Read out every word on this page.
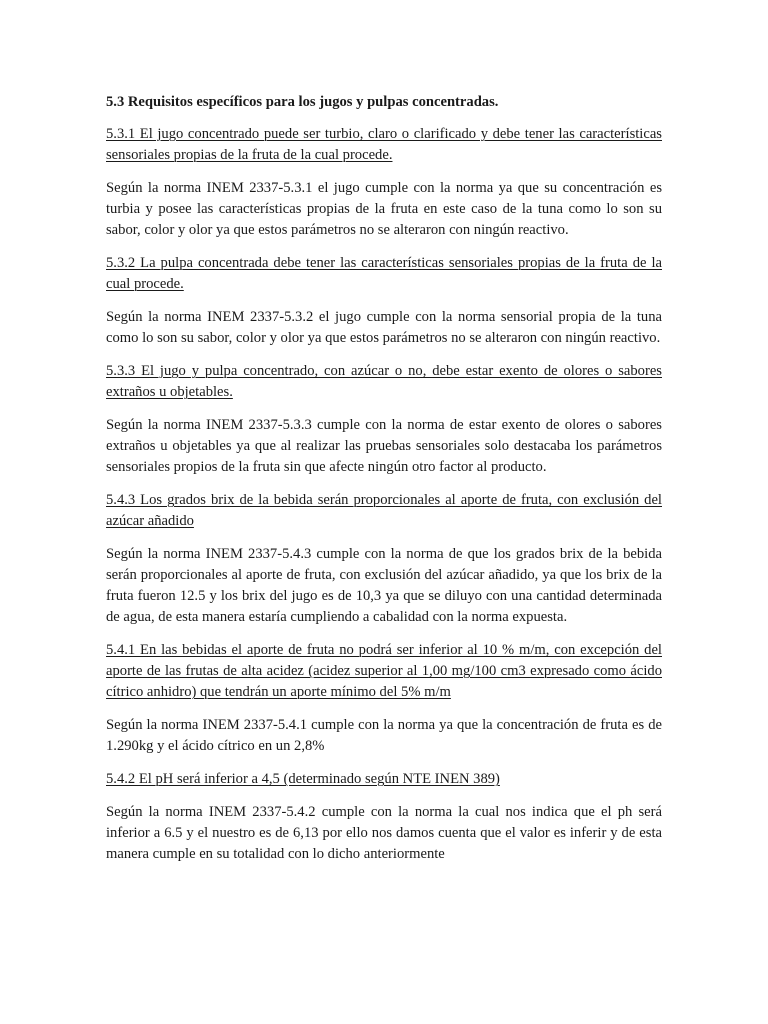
5.3 Requisitos específicos para los jugos y pulpas concentradas.

5.3.1 El jugo concentrado puede ser turbio, claro o clarificado y debe tener las características sensoriales propias de la fruta de la cual procede.

Según la norma INEM 2337-5.3.1 el jugo cumple con la norma ya que su concentración es turbia y posee las características propias de la fruta en este caso de la tuna como lo son su sabor, color y olor ya que estos parámetros no se alteraron con ningún reactivo.

5.3.2 La pulpa concentrada debe tener las características sensoriales propias de la fruta de la cual procede.

Según la norma INEM 2337-5.3.2 el jugo cumple con la norma sensorial propia de la tuna como lo son su sabor, color y olor ya que estos parámetros no se alteraron con ningún reactivo.

5.3.3 El jugo y pulpa concentrado, con azúcar o no, debe estar exento de olores o sabores extraños u objetables.

Según la norma INEM 2337-5.3.3 cumple con la norma de estar exento de olores o sabores extraños u objetables ya que al realizar las pruebas sensoriales solo destacaba los parámetros sensoriales propios de la fruta sin que afecte ningún otro factor al producto.

5.4.3 Los grados brix de la bebida serán proporcionales al aporte de fruta, con exclusión del azúcar añadido

Según la norma INEM 2337-5.4.3 cumple con la norma de que los grados brix de la bebida serán proporcionales al aporte de fruta, con exclusión del azúcar añadido, ya que los brix de la fruta fueron 12.5 y los brix del jugo es de 10,3 ya que se diluyo con una cantidad determinada de agua, de esta manera estaría cumpliendo a cabalidad con la norma expuesta.

5.4.1 En las bebidas el aporte de fruta no podrá ser inferior al 10 % m/m, con excepción del aporte de las frutas de alta acidez (acidez superior al 1,00 mg/100 cm3 expresado como ácido cítrico anhidro) que tendrán un aporte mínimo del 5% m/m

Según la norma INEM 2337-5.4.1 cumple con la norma ya que la concentración de fruta es de 1.290kg y el ácido cítrico en un 2,8%

5.4.2 El pH será inferior a 4,5 (determinado según NTE INEN 389)

Según la norma INEM 2337-5.4.2 cumple con la norma la cual nos indica que el ph será inferior a 6.5 y el nuestro es de 6,13 por ello nos damos cuenta que el valor es inferir y de esta manera cumple en su totalidad con lo dicho anteriormente
